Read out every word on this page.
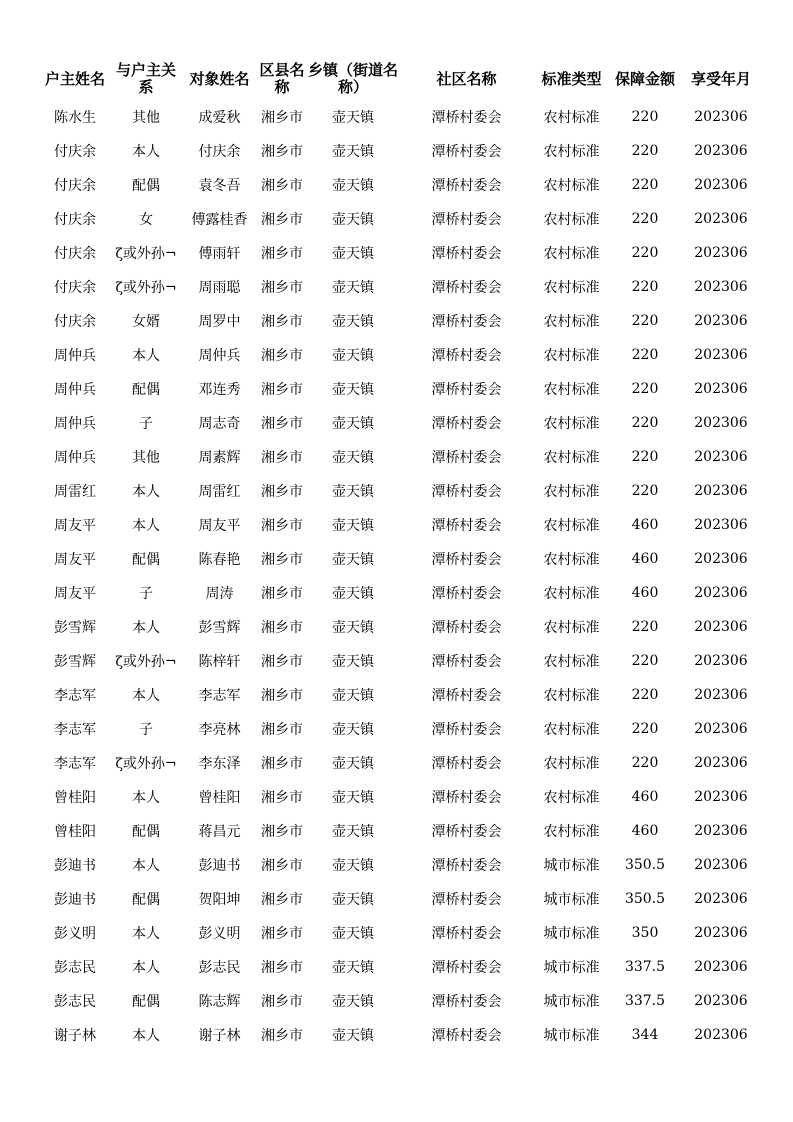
户主姓名	与户主关系	对象姓名	区县名称	乡镇（街道名称）	社区名称	标准类型	保障金额	享受年月
陈水生	其他	成爱秋	湘乡市	壶天镇	潭桥村委会	农村标准	220	202306
付庆余	本人	付庆余	湘乡市	壶天镇	潭桥村委会	农村标准	220	202306
付庆余	配偶	袁冬吾	湘乡市	壶天镇	潭桥村委会	农村标准	220	202306
付庆余	女	傅露桂香	湘乡市	壶天镇	潭桥村委会	农村标准	220	202306
付庆余	ζ或外孙¬	傅雨轩	湘乡市	壶天镇	潭桥村委会	农村标准	220	202306
付庆余	ζ或外孙¬	周雨聪	湘乡市	壶天镇	潭桥村委会	农村标准	220	202306
付庆余	女婿	周罗中	湘乡市	壶天镇	潭桥村委会	农村标准	220	202306
周仲兵	本人	周仲兵	湘乡市	壶天镇	潭桥村委会	农村标准	220	202306
周仲兵	配偶	邓连秀	湘乡市	壶天镇	潭桥村委会	农村标准	220	202306
周仲兵	子	周志奇	湘乡市	壶天镇	潭桥村委会	农村标准	220	202306
周仲兵	其他	周素辉	湘乡市	壶天镇	潭桥村委会	农村标准	220	202306
周雷红	本人	周雷红	湘乡市	壶天镇	潭桥村委会	农村标准	220	202306
周友平	本人	周友平	湘乡市	壶天镇	潭桥村委会	农村标准	460	202306
周友平	配偶	陈春艳	湘乡市	壶天镇	潭桥村委会	农村标准	460	202306
周友平	子	周涛	湘乡市	壶天镇	潭桥村委会	农村标准	460	202306
彭雪辉	本人	彭雪辉	湘乡市	壶天镇	潭桥村委会	农村标准	220	202306
彭雪辉	ζ或外孙¬	陈梓轩	湘乡市	壶天镇	潭桥村委会	农村标准	220	202306
李志军	本人	李志军	湘乡市	壶天镇	潭桥村委会	农村标准	220	202306
李志军	子	李亮林	湘乡市	壶天镇	潭桥村委会	农村标准	220	202306
李志军	ζ或外孙¬	李东泽	湘乡市	壶天镇	潭桥村委会	农村标准	220	202306
曾桂阳	本人	曾桂阳	湘乡市	壶天镇	潭桥村委会	农村标准	460	202306
曾桂阳	配偶	蒋昌元	湘乡市	壶天镇	潭桥村委会	农村标准	460	202306
彭迪书	本人	彭迪书	湘乡市	壶天镇	潭桥村委会	城市标准	350.5	202306
彭迪书	配偶	贺阳坤	湘乡市	壶天镇	潭桥村委会	城市标准	350.5	202306
彭义明	本人	彭义明	湘乡市	壶天镇	潭桥村委会	城市标准	350	202306
彭志民	本人	彭志民	湘乡市	壶天镇	潭桥村委会	城市标准	337.5	202306
彭志民	配偶	陈志辉	湘乡市	壶天镇	潭桥村委会	城市标准	337.5	202306
谢子林	本人	谢子林	湘乡市	壶天镇	潭桥村委会	城市标准	344	202306
